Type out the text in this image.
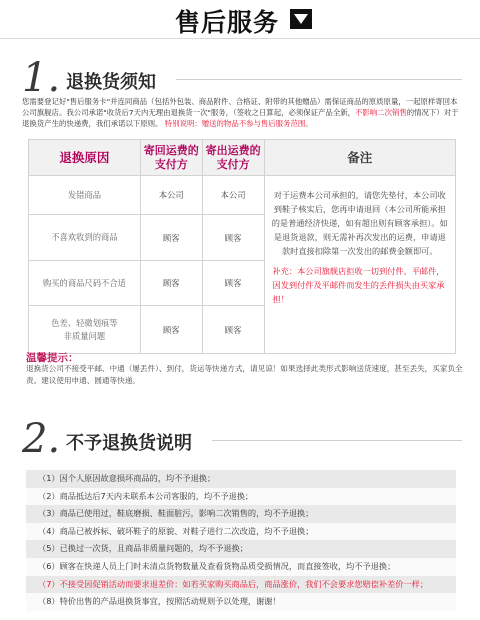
售后服务
1. 退换货须知
您需要登记好"售后服务卡"并连同商品（包括外包装、商品附件、合格证、附带的其他赠品）需保证商品的原质原量，一起原样寄回本公司旗舰店。我公司承诺"收货后7天内无理由退换货一次"服务，（签收之日算起，必须保证产品全新，不影响二次销售的情况下）对于退换货产生的快递费，我们承诺以下原则。 特别说明：赠送的物品不参与售后服务范围。
退换原因	寄回运费的支付方	寄出运费的支付方	备注
发错商品	本公司	本公司	对于运费本公司承担的，请您先垫付，本公司收到鞋子核实后，您再申请退回（本公司所能承担的是普通经济快递，如有超出则有顾客承担）。如是退货退款，则无需补再次发出的运费，申请退款时直接扣除第一次发出的邮费金额即可。
补充：本公司旗舰店拒收一切到付件、平邮件，因发到付件及平邮件而发生的丢件损失由买家承担！

不喜欢收到的商品	顾客	顾客	
购买的商品尺码不合适	顾客	顾客	
色差、轻微划痕等非质量问题	顾客	顾客	
温馨提示：
退换货公司不接受平邮、中通（屡丢件）、到付，货运等快递方式，请见谅！如果选择此类形式影响送货速度，甚至丢失，买家负全责。建议使用申通、圆通等快递。
2. 不予退换货说明
（1）因个人原因故意损坏商品的，均不予退换；
（2）商品抵达后7天内未联系本公司客服的，均不予退换；
（3）商品已使用过，鞋底磨损、鞋面脏污，影响二次销售的，均不予退换；
（4）商品已被拆标、破坏鞋子的原貌、对鞋子进行二次改造，均不予退换；
（5）已换过一次货，且商品非质量问题的，均不予退换；
（6）顾客在快递人员上门时未清点货物数量及查看货物品质受损情况，而直接签收，均不予退换；
（7）不接受因促销活动而要求退差价：如若买家购买商品后，商品涨价，我们不会要求您赔偿补差价一样；
（8）特价出售的产品退换货事宜，按照活动规则予以处理，谢谢！
